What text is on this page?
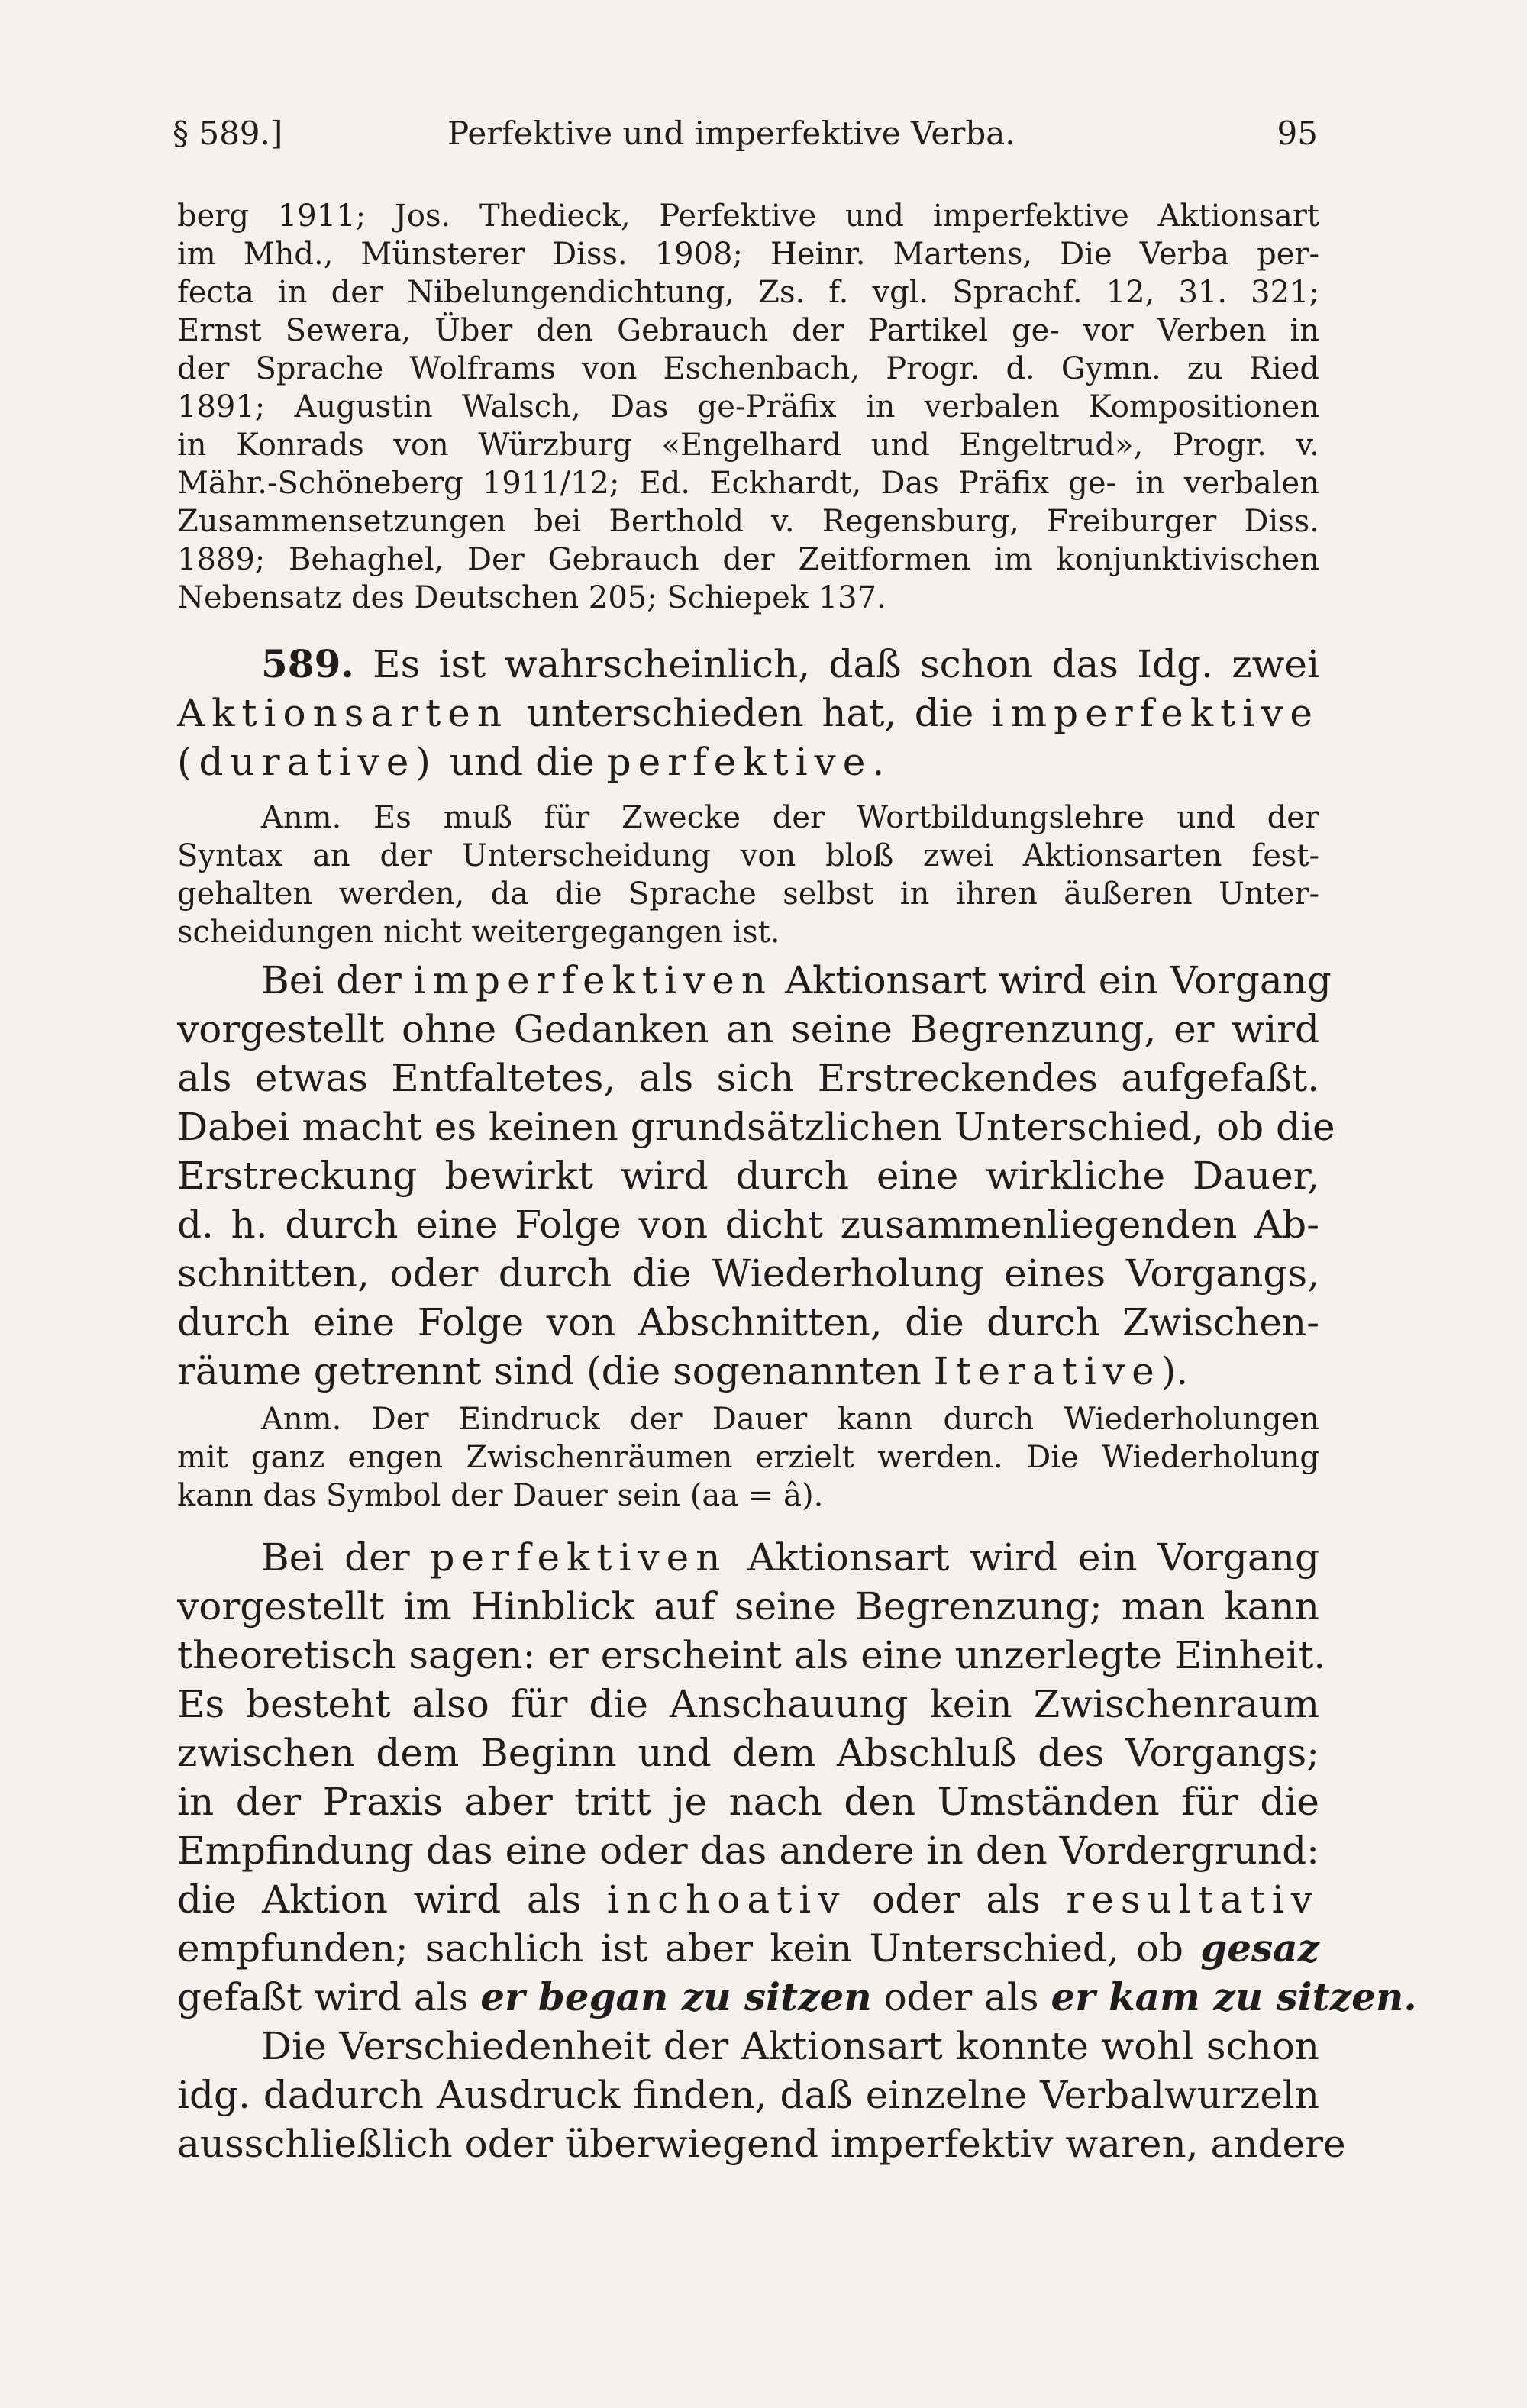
§ 589.]	Perfektive und imperfektive Verba.	95
berg 1911; Jos. Thedieck, Perfektive und imperfektive Aktionsart
im Mhd., Münsterer Diss. 1908; Heinr. Martens, Die Verba per-
fecta in der Nibelungendichtung, Zs. f. vgl. Sprachf. 12, 31. 321;
Ernst Sewera, Über den Gebrauch der Partikel ge- vor Verben in
der Sprache Wolframs von Eschenbach, Progr. d. Gymn. zu Ried
1891; Augustin Walsch, Das ge-Präfix in verbalen Kompositionen
in Konrads von Würzburg «Engelhard und Engeltrud», Progr. v.
Mähr.-Schöneberg 1911/12; Ed. Eckhardt, Das Präfix ge- in verbalen
Zusammensetzungen bei Berthold v. Regensburg, Freiburger Diss.
1889; Behaghel, Der Gebrauch der Zeitformen im konjunktivischen
Nebensatz des Deutschen 205; Schiepek 137.
589. Es ist wahrscheinlich, daß schon das Idg. zwei
Aktionsarten unterschieden hat, die imperfektive
(durative) und die perfektive.
Anm. Es muß für Zwecke der Wortbildungslehre und der
Syntax an der Unterscheidung von bloß zwei Aktionsarten fest-
gehalten werden, da die Sprache selbst in ihren äußeren Unter-
scheidungen nicht weitergegangen ist.
Bei der imperfektiven Aktionsart wird ein Vorgang
vorgestellt ohne Gedanken an seine Begrenzung, er wird
als etwas Entfaltetes, als sich Erstreckendes aufgefaßt.
Dabei macht es keinen grundsätzlichen Unterschied, ob die
Erstreckung bewirkt wird durch eine wirkliche Dauer,
d. h. durch eine Folge von dicht zusammenliegenden Ab-
schnitten, oder durch die Wiederholung eines Vorgangs,
durch eine Folge von Abschnitten, die durch Zwischen-
räume getrennt sind (die sogenannten Iterative).
Anm. Der Eindruck der Dauer kann durch Wiederholungen
mit ganz engen Zwischenräumen erzielt werden. Die Wiederholung
kann das Symbol der Dauer sein (aa = â).
Bei der perfektiven Aktionsart wird ein Vorgang
vorgestellt im Hinblick auf seine Begrenzung; man kann
theoretisch sagen: er erscheint als eine unzerlegte Einheit.
Es besteht also für die Anschauung kein Zwischenraum
zwischen dem Beginn und dem Abschluß des Vorgangs;
in der Praxis aber tritt je nach den Umständen für die
Empfindung das eine oder das andere in den Vordergrund:
die Aktion wird als inchoativ oder als resultativ
empfunden; sachlich ist aber kein Unterschied, ob gesaz
gefaßt wird als er began zu sitzen oder als er kam zu sitzen.
Die Verschiedenheit der Aktionsart konnte wohl schon
idg. dadurch Ausdruck finden, daß einzelne Verbalwurzeln
ausschließlich oder überwiegend imperfektiv waren, andere
